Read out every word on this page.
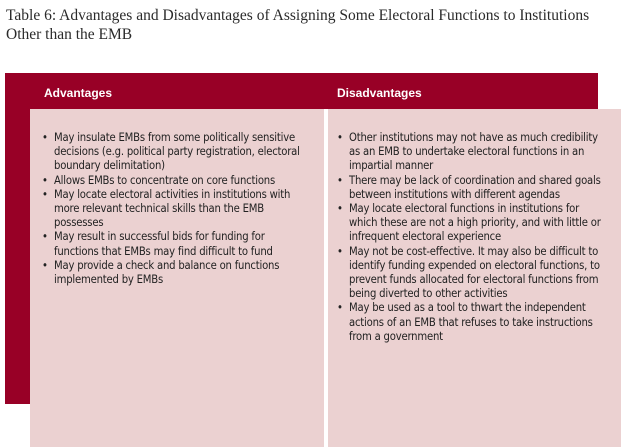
Table 6: Advantages and Disadvantages of Assigning Some Electoral Functions to Institutions Other than the EMB
Advantages	Disadvantages
• May insulate EMBs from some politically sensitive decisions (e.g. political party registration, electoral boundary delimitation)
• Allows EMBs to concentrate on core functions
• May locate electoral activities in institutions with more relevant technical skills than the EMB possesses
• May result in successful bids for funding for functions that EMBs may find difficult to fund
• May provide a check and balance on functions implemented by EMBs
• Other institutions may not have as much credibility as an EMB to undertake electoral functions in an impartial manner
• There may be lack of coordination and shared goals between institutions with different agendas
• May locate electoral functions in institutions for which these are not a high priority, and with little or infrequent electoral experience
• May not be cost-effective. It may also be difficult to identify funding expended on electoral functions, to prevent funds allocated for electoral functions from being diverted to other activities
• May be used as a tool to thwart the independent actions of an EMB that refuses to take instructions from a government
